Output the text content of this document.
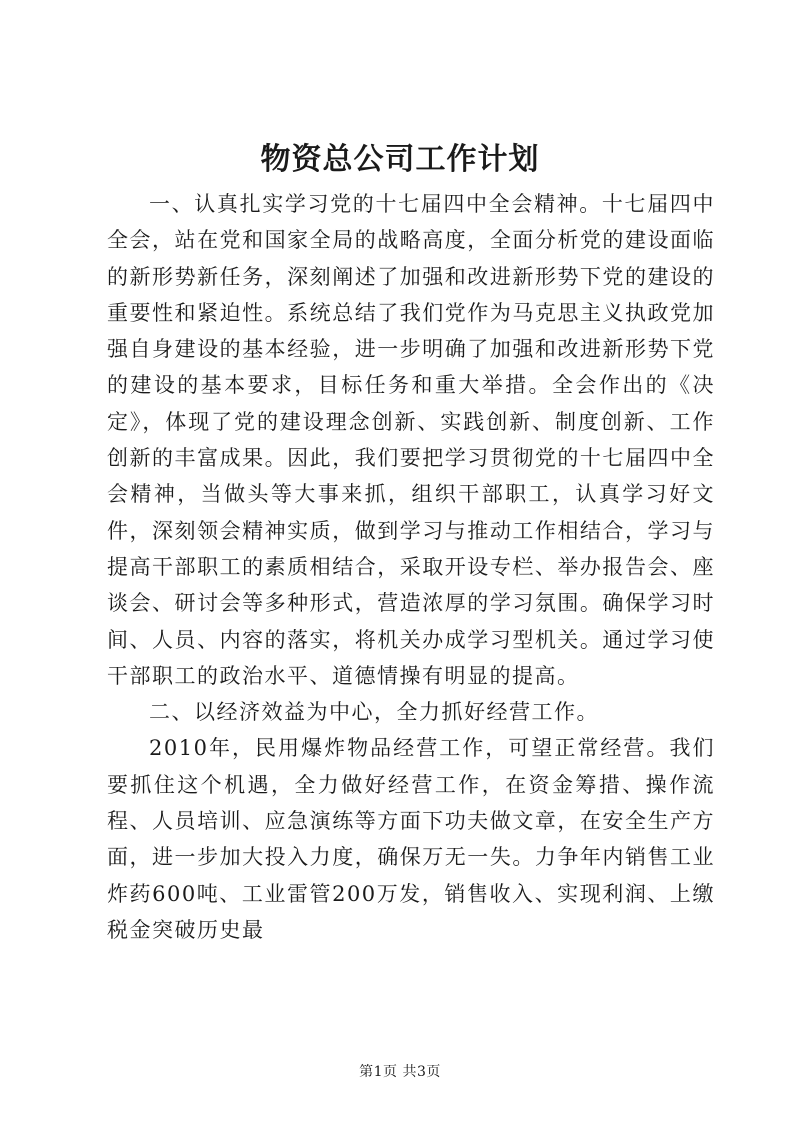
物资总公司工作计划

一、认真扎实学习党的十七届四中全会精神。十七届四中全会，站在党和国家全局的战略高度，全面分析党的建设面临的新形势新任务，深刻阐述了加强和改进新形势下党的建设的重要性和紧迫性。系统总结了我们党作为马克思主义执政党加强自身建设的基本经验，进一步明确了加强和改进新形势下党的建设的基本要求，目标任务和重大举措。全会作出的《决定》，体现了党的建设理念创新、实践创新、制度创新、工作创新的丰富成果。因此，我们要把学习贯彻党的十七届四中全会精神，当做头等大事来抓，组织干部职工，认真学习好文件，深刻领会精神实质，做到学习与推动工作相结合，学习与提高干部职工的素质相结合，采取开设专栏、举办报告会、座谈会、研讨会等多种形式，营造浓厚的学习氛围。确保学习时间、人员、内容的落实，将机关办成学习型机关。通过学习使干部职工的政治水平、道德情操有明显的提高。

二、以经济效益为中心，全力抓好经营工作。

2010年，民用爆炸物品经营工作，可望正常经营。我们要抓住这个机遇，全力做好经营工作，在资金筹措、操作流程、人员培训、应急演练等方面下功夫做文章，在安全生产方面，进一步加大投入力度，确保万无一失。力争年内销售工业炸药600吨、工业雷管200万发，销售收入、实现利润、上缴税金突破历史最

第1页 共3页
